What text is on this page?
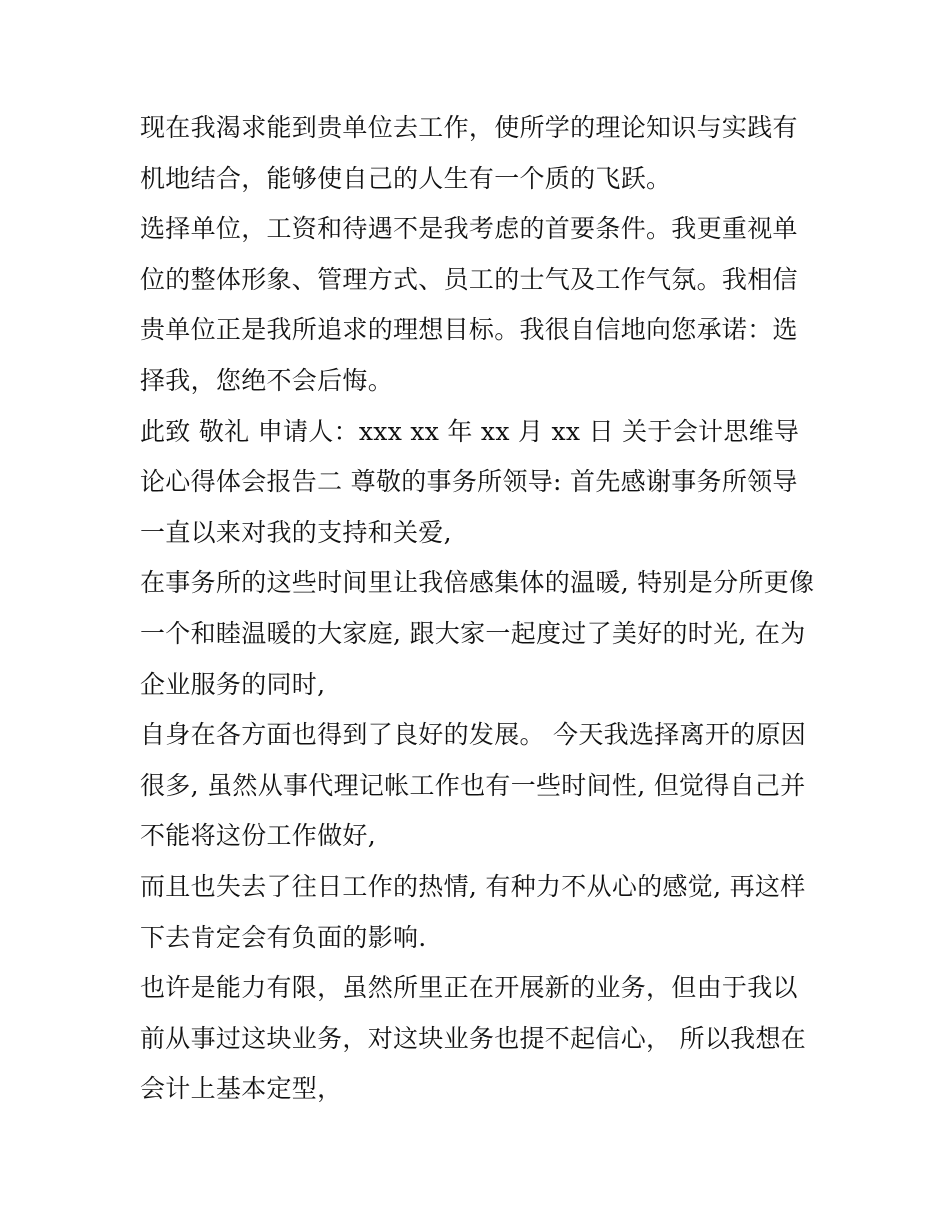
现在我渴求能到贵单位去工作，使所学的理论知识与实践有机地结合，能够使自己的人生有一个质的飞跃。

选择单位，工资和待遇不是我考虑的首要条件。我更重视单位的整体形象、管理方式、员工的士气及工作气氛。我相信贵单位正是我所追求的理想目标。我很自信地向您承诺：选择我，您绝不会后悔。

此致 敬礼 申请人：xxx xx 年 xx 月 xx 日 关于会计思维导论心得体会报告二 尊敬的事务所领导: 首先感谢事务所领导一直以来对我的支持和关爱,

在事务所的这些时间里让我倍感集体的温暖, 特别是分所更像一个和睦温暖的大家庭, 跟大家一起度过了美好的时光, 在为企业服务的同时,

自身在各方面也得到了良好的发展。 今天我选择离开的原因很多, 虽然从事代理记帐工作也有一些时间性, 但觉得自己并不能将这份工作做好,

而且也失去了往日工作的热情, 有种力不从心的感觉, 再这样下去肯定会有负面的影响.

也许是能力有限，虽然所里正在开展新的业务，但由于我以前从事过这块业务，对这块业务也提不起信心， 所以我想在会计上基本定型，
